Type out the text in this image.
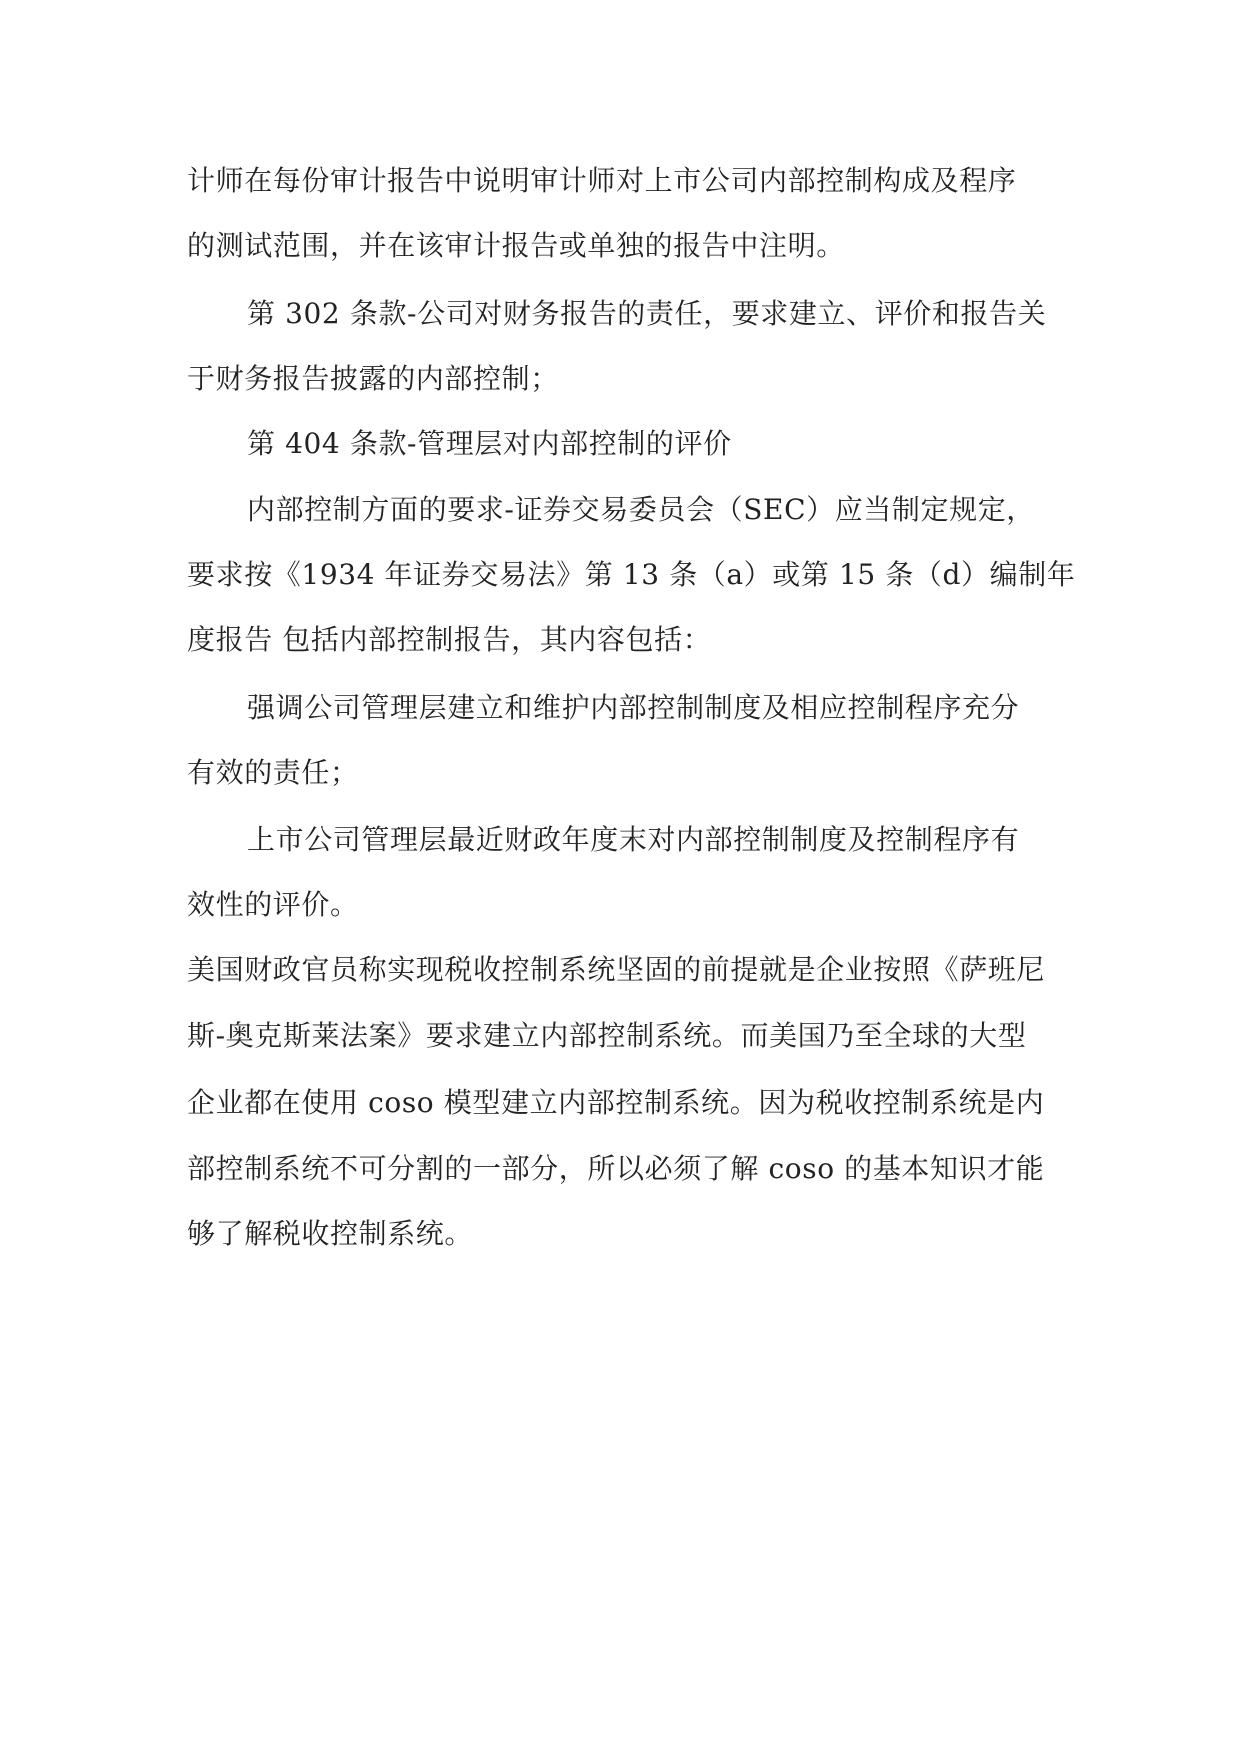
计师在每份审计报告中说明审计师对上市公司内部控制构成及程序

的测试范围，并在该审计报告或单独的报告中注明。

第 302 条款-公司对财务报告的责任，要求建立、评价和报告关

于财务报告披露的内部控制；

第 404 条款-管理层对内部控制的评价

内部控制方面的要求-证券交易委员会（SEC）应当制定规定，

要求按《1934 年证券交易法》第 13 条（a）或第 15 条（d）编制年

度报告 包括内部控制报告，其内容包括：

强调公司管理层建立和维护内部控制制度及相应控制程序充分

有效的责任；

上市公司管理层最近财政年度末对内部控制制度及控制程序有

效性的评价。

美国财政官员称实现税收控制系统坚固的前提就是企业按照《萨班尼

斯-奥克斯莱法案》要求建立内部控制系统。而美国乃至全球的大型

企业都在使用 coso 模型建立内部控制系统。因为税收控制系统是内

部控制系统不可分割的一部分，所以必须了解 coso 的基本知识才能

够了解税收控制系统。
